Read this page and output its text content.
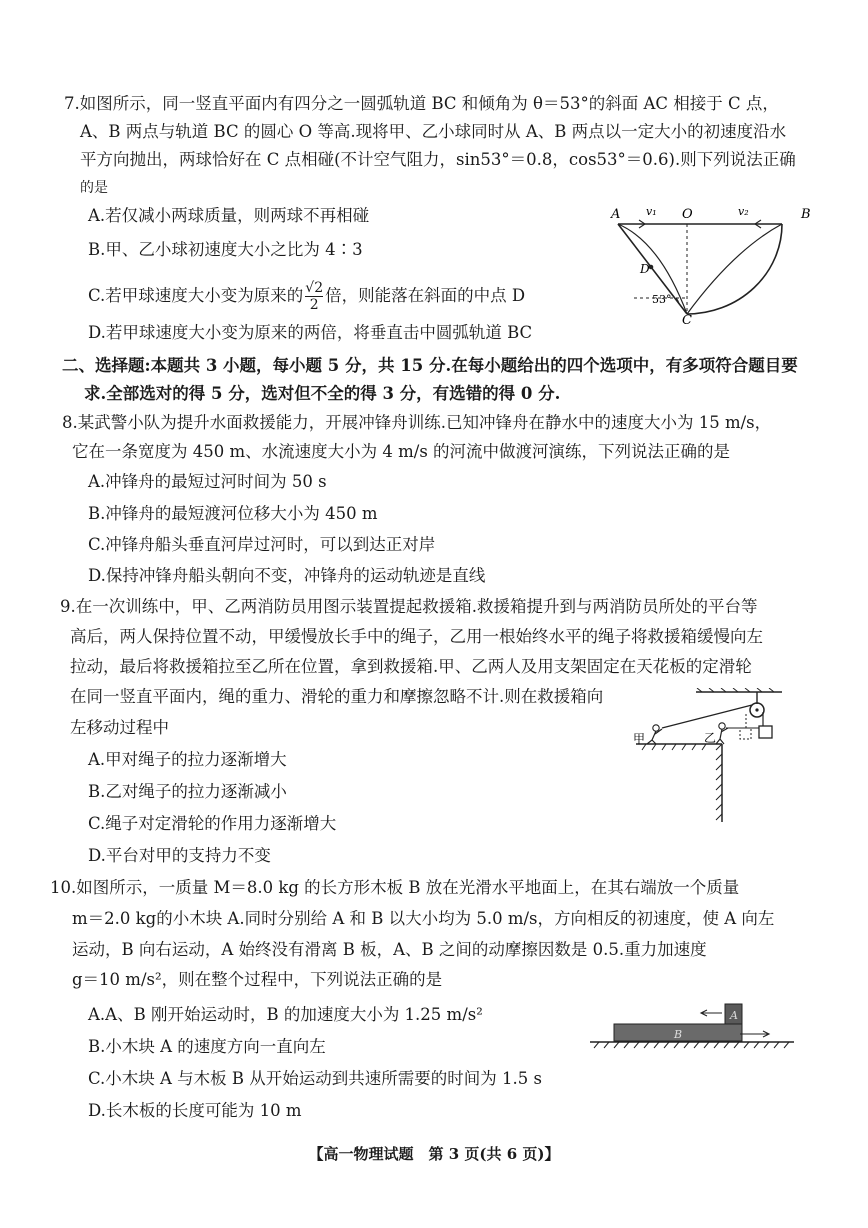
7.如图所示，同一竖直平面内有四分之一圆弧轨道 BC 和倾角为 θ＝53°的斜面 AC 相接于 C 点，
A、B 两点与轨道 BC 的圆心 O 等高.现将甲、乙小球同时从 A、B 两点以一定大小的初速度沿水
平方向抛出，两球恰好在 C 点相碰(不计空气阻力，sin53°＝0.8，cos53°＝0.6).则下列说法正确
的是
A.若仅减小两球质量，则两球不再相碰
B.甲、乙小球初速度大小之比为 4∶3
C.若甲球速度大小变为原来的 $\frac{√2}{2}$ 倍，则能落在斜面的中点 D
D.若甲球速度大小变为原来的两倍，将垂直击中圆弧轨道 BC
A	O	B
C
D
v₁	v₂
53°
二、选择题:本题共 3 小题，每小题 5 分，共 15 分.在每小题给出的四个选项中，有多项符合题目要
求.全部选对的得 5 分，选对但不全的得 3 分，有选错的得 0 分.
8.某武警小队为提升水面救援能力，开展冲锋舟训练.已知冲锋舟在静水中的速度大小为 15 m/s，
它在一条宽度为 450 m、水流速度大小为 4 m/s 的河流中做渡河演练，下列说法正确的是
A.冲锋舟的最短过河时间为 50 s
B.冲锋舟的最短渡河位移大小为 450 m
C.冲锋舟船头垂直河岸过河时，可以到达正对岸
D.保持冲锋舟船头朝向不变，冲锋舟的运动轨迹是直线
9.在一次训练中，甲、乙两消防员用图示装置提起救援箱.救援箱提升到与两消防员所处的平台等
高后，两人保持位置不动，甲缓慢放长手中的绳子，乙用一根始终水平的绳子将救援箱缓慢向左
拉动，最后将救援箱拉至乙所在位置，拿到救援箱.甲、乙两人及用支架固定在天花板的定滑轮
在同一竖直平面内，绳的重力、滑轮的重力和摩擦忽略不计.则在救援箱向
左移动过程中
A.甲对绳子的拉力逐渐增大
B.乙对绳子的拉力逐渐减小
C.绳子对定滑轮的作用力逐渐增大
D.平台对甲的支持力不变
甲	乙
10.如图所示，一质量 M＝8.0 kg 的长方形木板 B 放在光滑水平地面上，在其右端放一个质量
m＝2.0 kg的小木块 A.同时分别给 A 和 B 以大小均为 5.0 m/s，方向相反的初速度，使 A 向左
运动，B 向右运动，A 始终没有滑离 B 板，A、B 之间的动摩擦因数是 0.5.重力加速度
g＝10 m/s²，则在整个过程中，下列说法正确的是
A.A、B 刚开始运动时，B 的加速度大小为 1.25 m/s²
B.小木块 A 的速度方向一直向左
C.小木块 A 与木板 B 从开始运动到共速所需要的时间为 1.5 s
D.长木板的长度可能为 10 m
A
B
【高一物理试题　第 3 页(共 6 页)】
